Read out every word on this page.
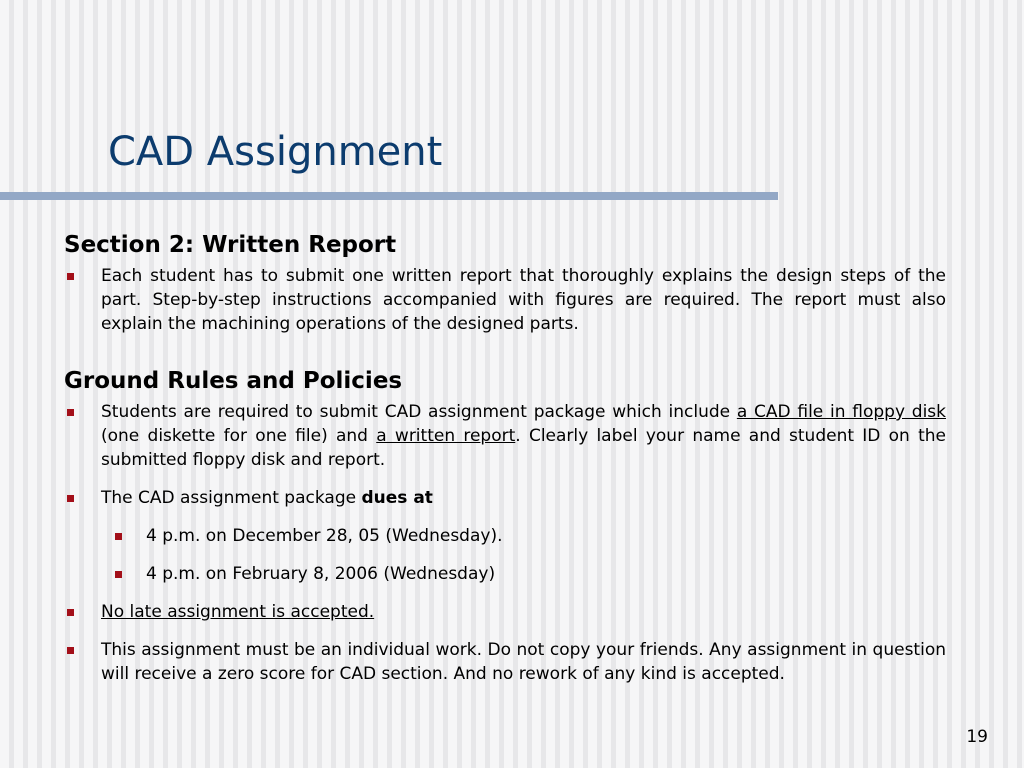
CAD Assignment
Section 2: Written Report
Each student has to submit one written report that thoroughly explains the design steps of the part. Step-by-step instructions accompanied with figures are required. The report must also explain the machining operations of the designed parts.
Ground Rules and Policies
Students are required to submit CAD assignment package which include a CAD file in floppy disk (one diskette for one file) and a written report. Clearly label your name and student ID on the submitted floppy disk and report.
The CAD assignment package dues at
4 p.m. on December 28, 05 (Wednesday).
4 p.m. on February 8, 2006 (Wednesday)
No late assignment is accepted.
This assignment must be an individual work. Do not copy your friends. Any assignment in question will receive a zero score for CAD section. And no rework of any kind is accepted.
19
